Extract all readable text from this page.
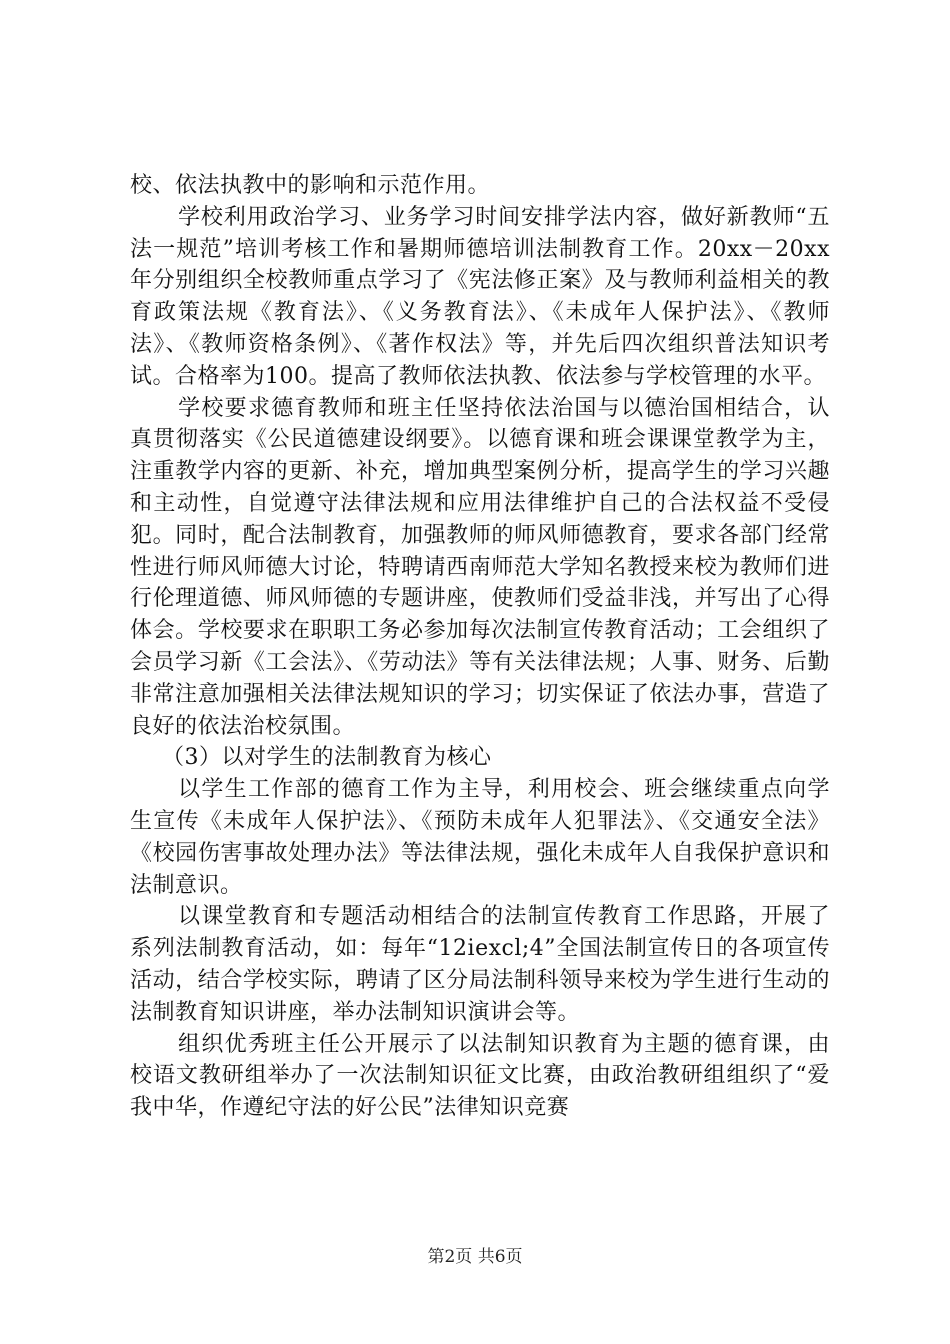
校、依法执教中的影响和示范作用。

学校利用政治学习、业务学习时间安排学法内容，做好新教师“五法一规范”培训考核工作和暑期师德培训法制教育工作。20xx－20xx 年分别组织全校教师重点学习了《宪法修正案》及与教师利益相关的教育政策法规《教育法》、《义务教育法》、《未成年人保护法》、《教师法》、《教师资格条例》、《著作权法》等，并先后四次组织普法知识考试。合格率为100。提高了教师依法执教、依法参与学校管理的水平。

学校要求德育教师和班主任坚持依法治国与以德治国相结合，认真贯彻落实《公民道德建设纲要》。以德育课和班会课课堂教学为主，注重教学内容的更新、补充，增加典型案例分析，提高学生的学习兴趣和主动性，自觉遵守法律法规和应用法律维护自己的合法权益不受侵犯。同时，配合法制教育，加强教师的师风师德教育，要求各部门经常性进行师风师德大讨论，特聘请西南师范大学知名教授来校为教师们进行伦理道德、师风师德的专题讲座，使教师们受益非浅，并写出了心得体会。学校要求在职职工务必参加每次法制宣传教育活动；工会组织了会员学习新《工会法》、《劳动法》等有关法律法规；人事、财务、后勤非常注意加强相关法律法规知识的学习；切实保证了依法办事，营造了良好的依法治校氛围。

（3）以对学生的法制教育为核心

以学生工作部的德育工作为主导，利用校会、班会继续重点向学生宣传《未成年人保护法》、《预防未成年人犯罪法》、《交通安全法》《校园伤害事故处理办法》等法律法规，强化未成年人自我保护意识和法制意识。

以课堂教育和专题活动相结合的法制宣传教育工作思路，开展了系列法制教育活动，如：每年“12iexcl;4”全国法制宣传日的各项宣传活动，结合学校实际，聘请了区分局法制科领导来校为学生进行生动的法制教育知识讲座，举办法制知识演讲会等。

组织优秀班主任公开展示了以法制知识教育为主题的德育课，由校语文教研组举办了一次法制知识征文比赛，由政治教研组组织了“爱我中华，作遵纪守法的好公民”法律知识竞赛

第2页 共6页
